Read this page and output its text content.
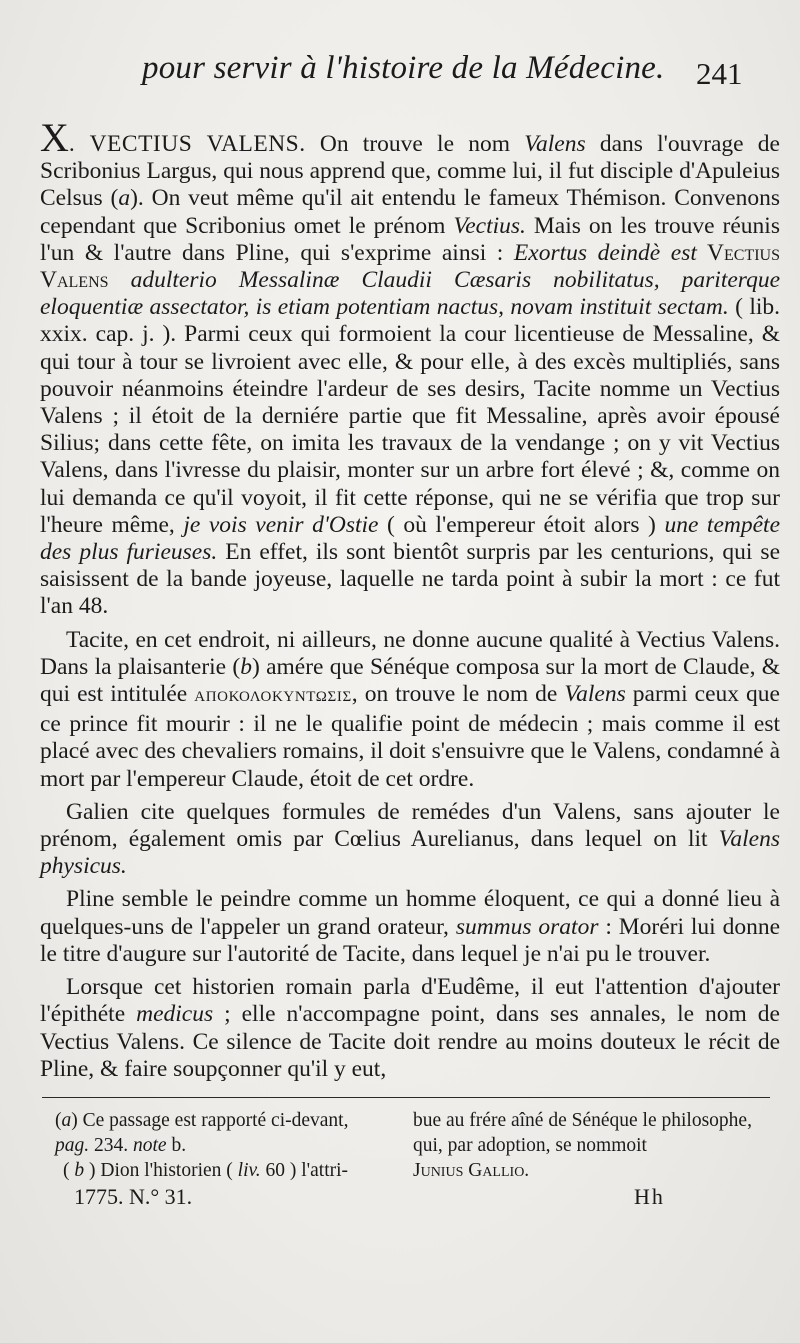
pour servir à l'histoire de la Médecine. 241

X. VECTIUS VALENS. On trouve le nom Valens dans l'ouvrage de Scribonius Largus, qui nous apprend que, comme lui, il fut disciple d'Apuleius Celsus (a). On veut même qu'il ait entendu le fameux Thémison. Convenons cependant que Scribonius omet le prénom Vectius. Mais on les trouve réunis l'un & l'autre dans Pline, qui s'exprime ainsi : Exortus deindè est Vectius Valens adulterio Messalinæ Claudii Cæsaris nobilitatus, pariterque eloquentiæ assectator, is etiam potentiam nactus, novam instituit sectam. ( lib. xxix. cap. j. ). Parmi ceux qui formoient la cour licentieuse de Messaline, & qui tour à tour se livroient avec elle, & pour elle, à des excès multipliés, sans pouvoir néanmoins éteindre l'ardeur de ses desirs, Tacite nomme un Vectius Valens ; il étoit de la derniére partie que fit Messaline, après avoir épousé Silius; dans cette fête, on imita les travaux de la vendange ; on y vit Vectius Valens, dans l'ivresse du plaisir, monter sur un arbre fort élevé ; &, comme on lui demanda ce qu'il voyoit, il fit cette réponse, qui ne se vérifia que trop sur l'heure même, je vois venir d'Ostie ( où l'empereur étoit alors ) une tempête des plus furieuses. En effet, ils sont bientôt surpris par les centurions, qui se saisissent de la bande joyeuse, laquelle ne tarda point à subir la mort : ce fut l'an 48.

Tacite, en cet endroit, ni ailleurs, ne donne aucune qualité à Vectius Valens. Dans la plaisanterie (b) amére que Sénéque composa sur la mort de Claude, & qui est intitulée ΑΠΟΚΟΛΟΚΥΝΤΩΣΙΣ, on trouve le nom de Valens parmi ceux que ce prince fit mourir : il ne le qualifie point de médecin ; mais comme il est placé avec des chevaliers romains, il doit s'ensuivre que le Valens, condamné à mort par l'empereur Claude, étoit de cet ordre.

Galien cite quelques formules de remédes d'un Valens, sans ajouter le prénom, également omis par Cœlius Aurelianus, dans lequel on lit Valens physicus.

Pline semble le peindre comme un homme éloquent, ce qui a donné lieu à quelques-uns de l'appeler un grand orateur, summus orator : Moréri lui donne le titre d'augure sur l'autorité de Tacite, dans lequel je n'ai pu le trouver.

Lorsque cet historien romain parla d'Eudême, il eut l'attention d'ajouter l'épithéte medicus ; elle n'accompagne point, dans ses annales, le nom de Vectius Valens. Ce silence de Tacite doit rendre au moins douteux le récit de Pline, & faire soupçonner qu'il y eut,

(a) Ce passage est rapporté ci-devant,
pag. 234. note b.
( b ) Dion l'historien ( liv. 60 ) l'attri-
bue au frére aîné de Sénéque le philosophe, qui, par adoption, se nommoit
Junius Gallio.
1775. N.° 31.	Hh
